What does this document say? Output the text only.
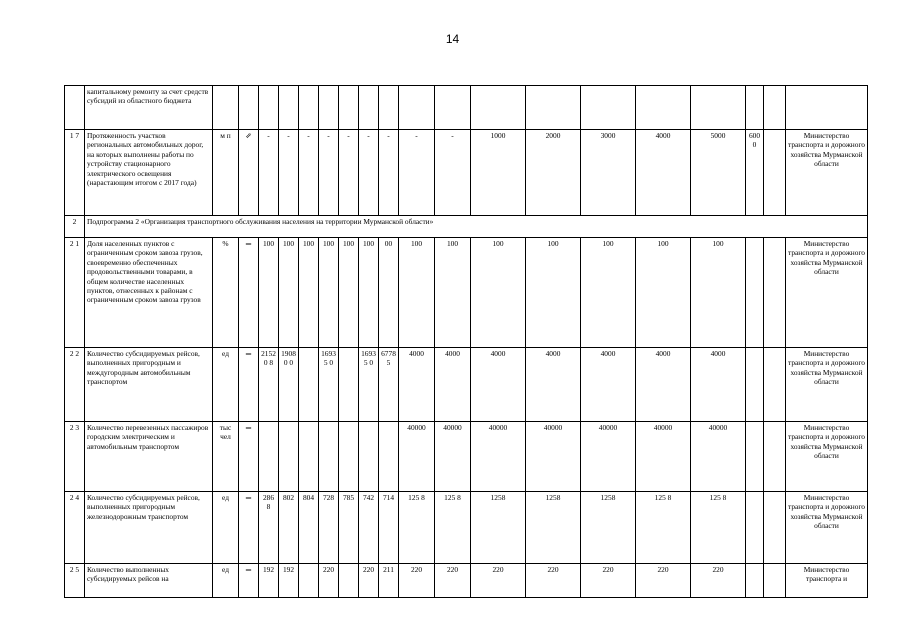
14
	капитальному ремонту за счет средств субсидий из областного бюджета																			
1 7	Протяженность участков региональных автомобильных дорог, на которых выполнены работы по устройству стационарного электрического освещения (нарастающим итогом с 2017 года)	м п	⇗	-	-	-	-	-	-	-	-	-	1000	2000	3000	4000	5000	6000		Министерство транспорта и дорожного хозяйства Мурманской области
2	Подпрограмма 2 «Организация транспортного обслуживания населения на территории Мурманской области»																			
2 1	Доля населенных пунктов с ограниченным сроком завоза грузов, своевременно обеспеченных продовольственными товарами, в общем количестве населенных пунктов, отнесенных к районам с ограниченным сроком завоза грузов	%	═	100	100	100	100	100	100	00	100	100	100	100	100	100	100			Министерство транспорта и дорожного хозяйства Мурманской области
2 2	Количество субсидируемых рейсов, выполненных пригородным и междугородным автомобильным транспортом	ед	═	21520 8	19080 0		16935 0		16935 0	6778 5	4000	4000	4000	4000	4000	4000	4000			Министерство транспорта и дорожного хозяйства Мурманской области
2 3	Количество перевезенных пассажиров городским электрическим и автомобильным транспортом	тыс чел	═								40000	40000	40000	40000	40000	40000	40000			Министерство транспорта и дорожного хозяйства Мурманской области
2 4	Количество субсидируемых рейсов, выполненных пригородным железнодорожным транспортом	ед	═	286 8	802	804	728	785	742	714	125 8	125 8	1258	1258	1258	125 8	125 8			Министерство транспорта и дорожного хозяйства Мурманской области
2 5	Количество выполненных субсидируемых рейсов на	ед	═	192	192		220		220	211	220	220	220	220	220	220	220			Министерство транспорта и
